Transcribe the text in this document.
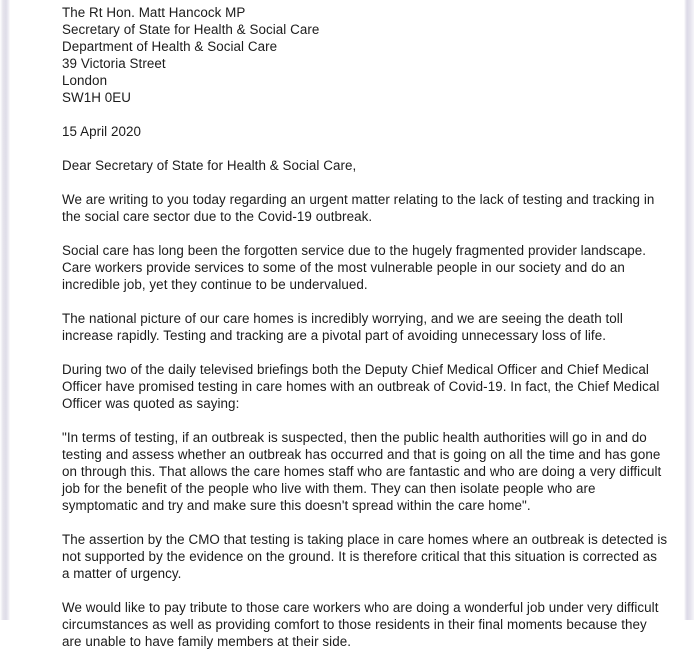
The Rt Hon. Matt Hancock MP

Secretary of State for Health & Social Care

Department of Health & Social Care

39 Victoria Street

London

SW1H 0EU

15 April 2020
Dear Secretary of State for Health & Social Care,
We are writing to you today regarding an urgent matter relating to the lack of testing and tracking in the social care sector due to the Covid-19 outbreak.
Social care has long been the forgotten service due to the hugely fragmented provider landscape. Care workers provide services to some of the most vulnerable people in our society and do an incredible job, yet they continue to be undervalued.
The national picture of our care homes is incredibly worrying, and we are seeing the death toll increase rapidly. Testing and tracking are a pivotal part of avoiding unnecessary loss of life.
During two of the daily televised briefings both the Deputy Chief Medical Officer and Chief Medical Officer have promised testing in care homes with an outbreak of Covid-19. In fact, the Chief Medical Officer was quoted as saying:
"In terms of testing, if an outbreak is suspected, then the public health authorities will go in and do testing and assess whether an outbreak has occurred and that is going on all the time and has gone on through this. That allows the care homes staff who are fantastic and who are doing a very difficult job for the benefit of the people who live with them. They can then isolate people who are symptomatic and try and make sure this doesn't spread within the care home".
The assertion by the CMO that testing is taking place in care homes where an outbreak is detected is not supported by the evidence on the ground. It is therefore critical that this situation is corrected as a matter of urgency.
We would like to pay tribute to those care workers who are doing a wonderful job under very difficult circumstances as well as providing comfort to those residents in their final moments because they are unable to have family members at their side.
